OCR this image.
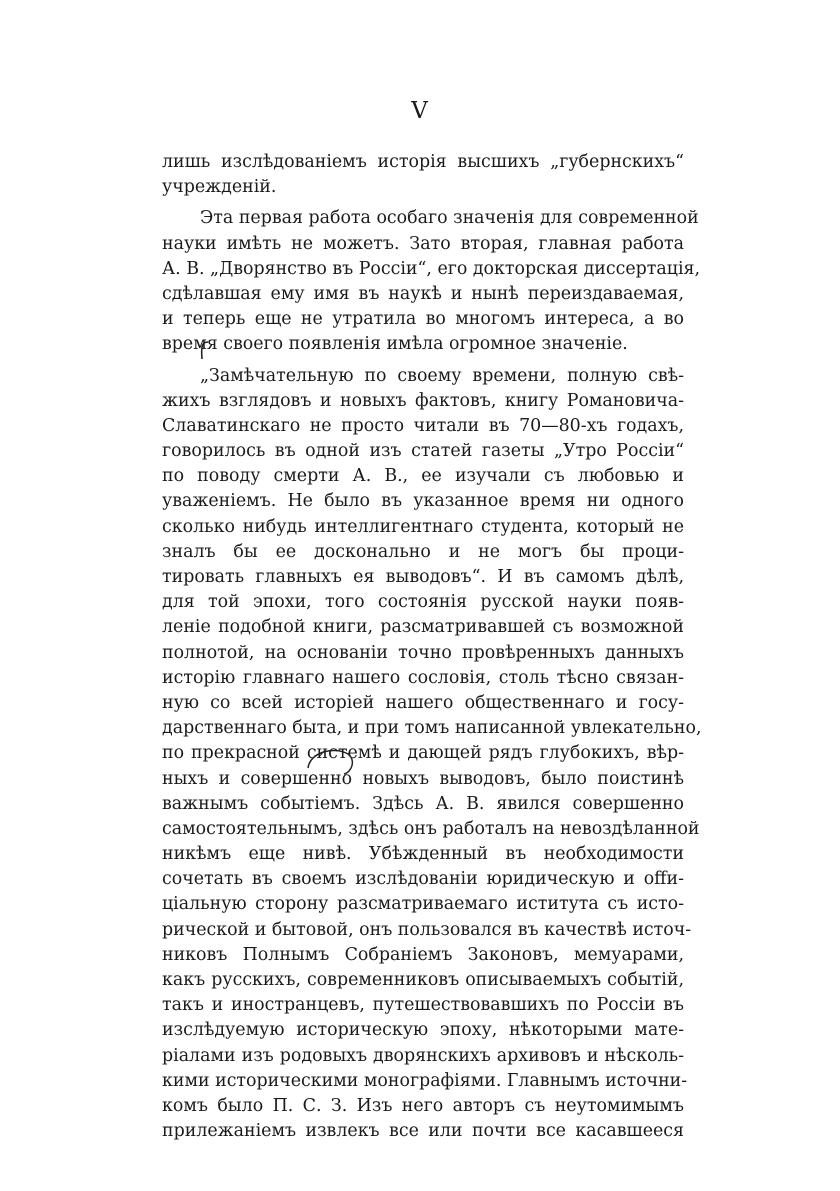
V
лишь изслѣдованіемъ исторія высшихъ „губернскихъ“
учрежденій.
Эта первая работа особагo значенія для современной
науки имѣть не можетъ. Зато вторая, главная работа
А. В. „Дворянство въ Россіи“, его докторская диссертація,
сдѣлавшая ему имя въ наукѣ и нынѣ переиздаваемая,
и теперь еще не утратила во многомъ интереса, а во
время своего появленія имѣла огромное значеніе.
„Замѣчательную по своему времени, полную свѣ-
жихъ взглядовъ и новыхъ фактовъ, книгу Романовича-
Славатинскаго не просто читали въ 70—80-хъ годахъ,
говорилось въ одной изъ статей газеты „Утро Россіи“
по поводу смерти А. В., ее изучали съ любовью и
уваженіемъ. Не было въ указанное время ни одного
сколько нибудь интеллигентнаго студента, который не
зналъ бы ее досконально и не могъ бы проци-
тировать главныхъ ея выводовъ“. И въ самомъ дѣлѣ,
для той эпохи, того состоянія русской науки появ-
леніе подобной книги, разсматривавшей съ возможной
полнотой, на основаніи точно провѣренныхъ данныхъ
исторію главнаго нашего сословія, столь тѣсно связан-
ную со всей исторіей нашего общественнаго и госу-
дарственнаго быта, и при томъ написанной увлекательно,
по прекрасной системѣ и дающей рядъ глубокихъ, вѣр-
ныхъ и совершенно новыхъ выводовъ, было поистинѣ
важнымъ событіемъ. Здѣсь А. В. явился совершенно
самостоятельнымъ, здѣсь онъ работалъ на невоздѣланной
никѣмъ еще нивѣ. Убѣжденный въ необходимости
сочетать въ своемъ изслѣдованіи юридическую и offи-
ціальную сторону разсматриваемаго иститута съ исто-
рической и бытовой, онъ пользовался въ качествѣ источ-
никовъ Полнымъ Собраніемъ Законовъ, мемуарами,
какъ русскихъ, современниковъ описываемыхъ событій,
такъ и иностранцевъ, путешествовавшихъ по Россіи въ
изслѣдуемую историческую эпоху, нѣкоторыми мате-
ріалами изъ родовыхъ дворянскихъ архивовъ и нѣсколь-
кими историческими монографіями. Главнымъ источни-
комъ было П. С. З. Изъ него авторъ съ неутомимымъ
прилежаніемъ извлекъ все или почти все касавшееся
